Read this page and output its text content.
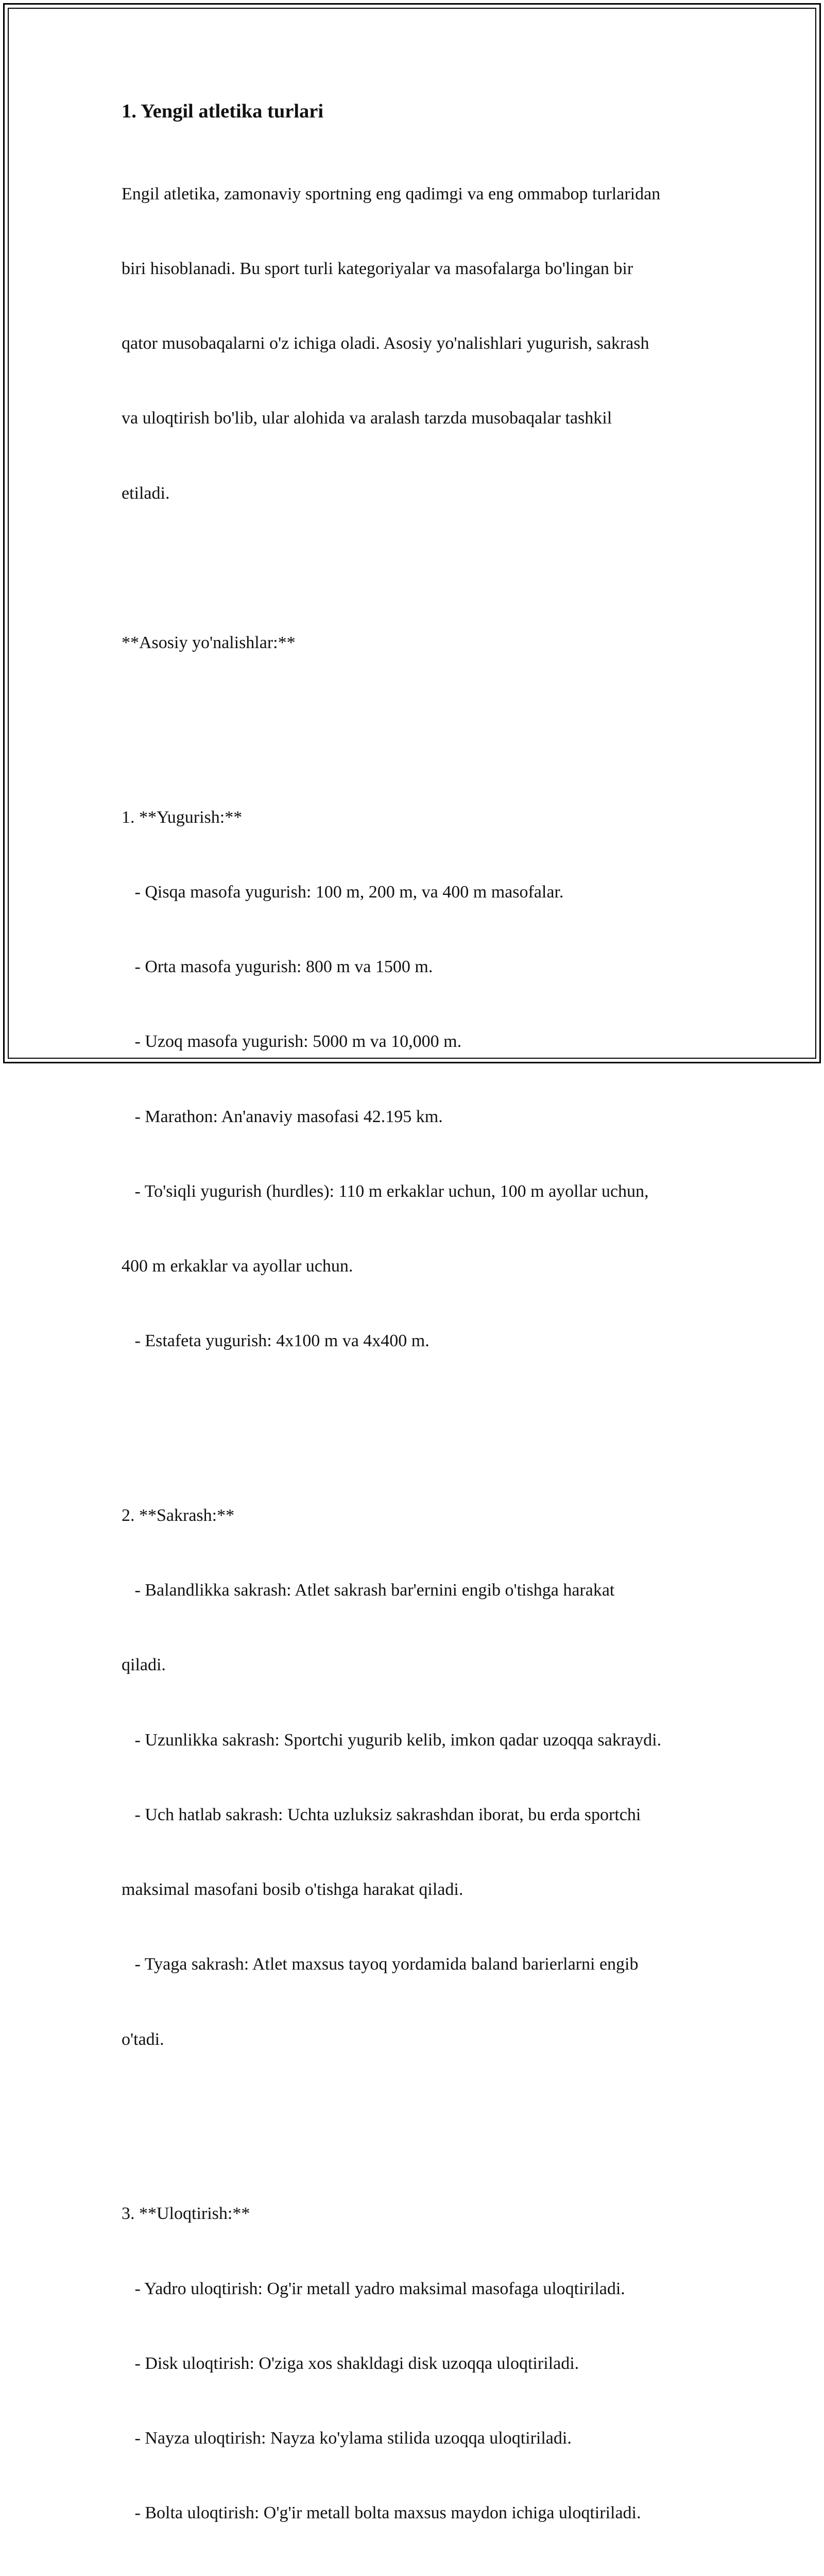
1. Yengil atletika turlari

Engil atletika, zamonaviy sportning eng qadimgi va eng ommabop turlaridan

biri hisoblanadi. Bu sport turli kategoriyalar va masofalarga bo'lingan bir

qator musobaqalarni o'z ichiga oladi. Asosiy yo'nalishlari yugurish, sakrash

va uloqtirish bo'lib, ular alohida va aralash tarzda musobaqalar tashkil

etiladi.

**Asosiy yo'nalishlar:**

1. **Yugurish:**

- Qisqa masofa yugurish: 100 m, 200 m, va 400 m masofalar.

- Orta masofa yugurish: 800 m va 1500 m.

- Uzoq masofa yugurish: 5000 m va 10,000 m.

- Marathon: An'anaviy masofasi 42.195 km.

- To'siqli yugurish (hurdles): 110 m erkaklar uchun, 100 m ayollar uchun,

400 m erkaklar va ayollar uchun.

- Estafeta yugurish: 4x100 m va 4x400 m.

2. **Sakrash:**

- Balandlikka sakrash: Atlet sakrash bar'ernini engib o'tishga harakat

qiladi.

- Uzunlikka sakrash: Sportchi yugurib kelib, imkon qadar uzoqqa sakraydi.

- Uch hatlab sakrash: Uchta uzluksiz sakrashdan iborat, bu erda sportchi

maksimal masofani bosib o'tishga harakat qiladi.

- Tyaga sakrash: Atlet maxsus tayoq yordamida baland barierlarni engib

o'tadi.

3. **Uloqtirish:**

- Yadro uloqtirish: Og'ir metall yadro maksimal masofaga uloqtiriladi.

- Disk uloqtirish: O'ziga xos shakldagi disk uzoqqa uloqtiriladi.

- Nayza uloqtirish: Nayza ko'ylama stilida uzoqqa uloqtiriladi.

- Bolta uloqtirish: O'g'ir metall bolta maxsus maydon ichiga uloqtiriladi.
